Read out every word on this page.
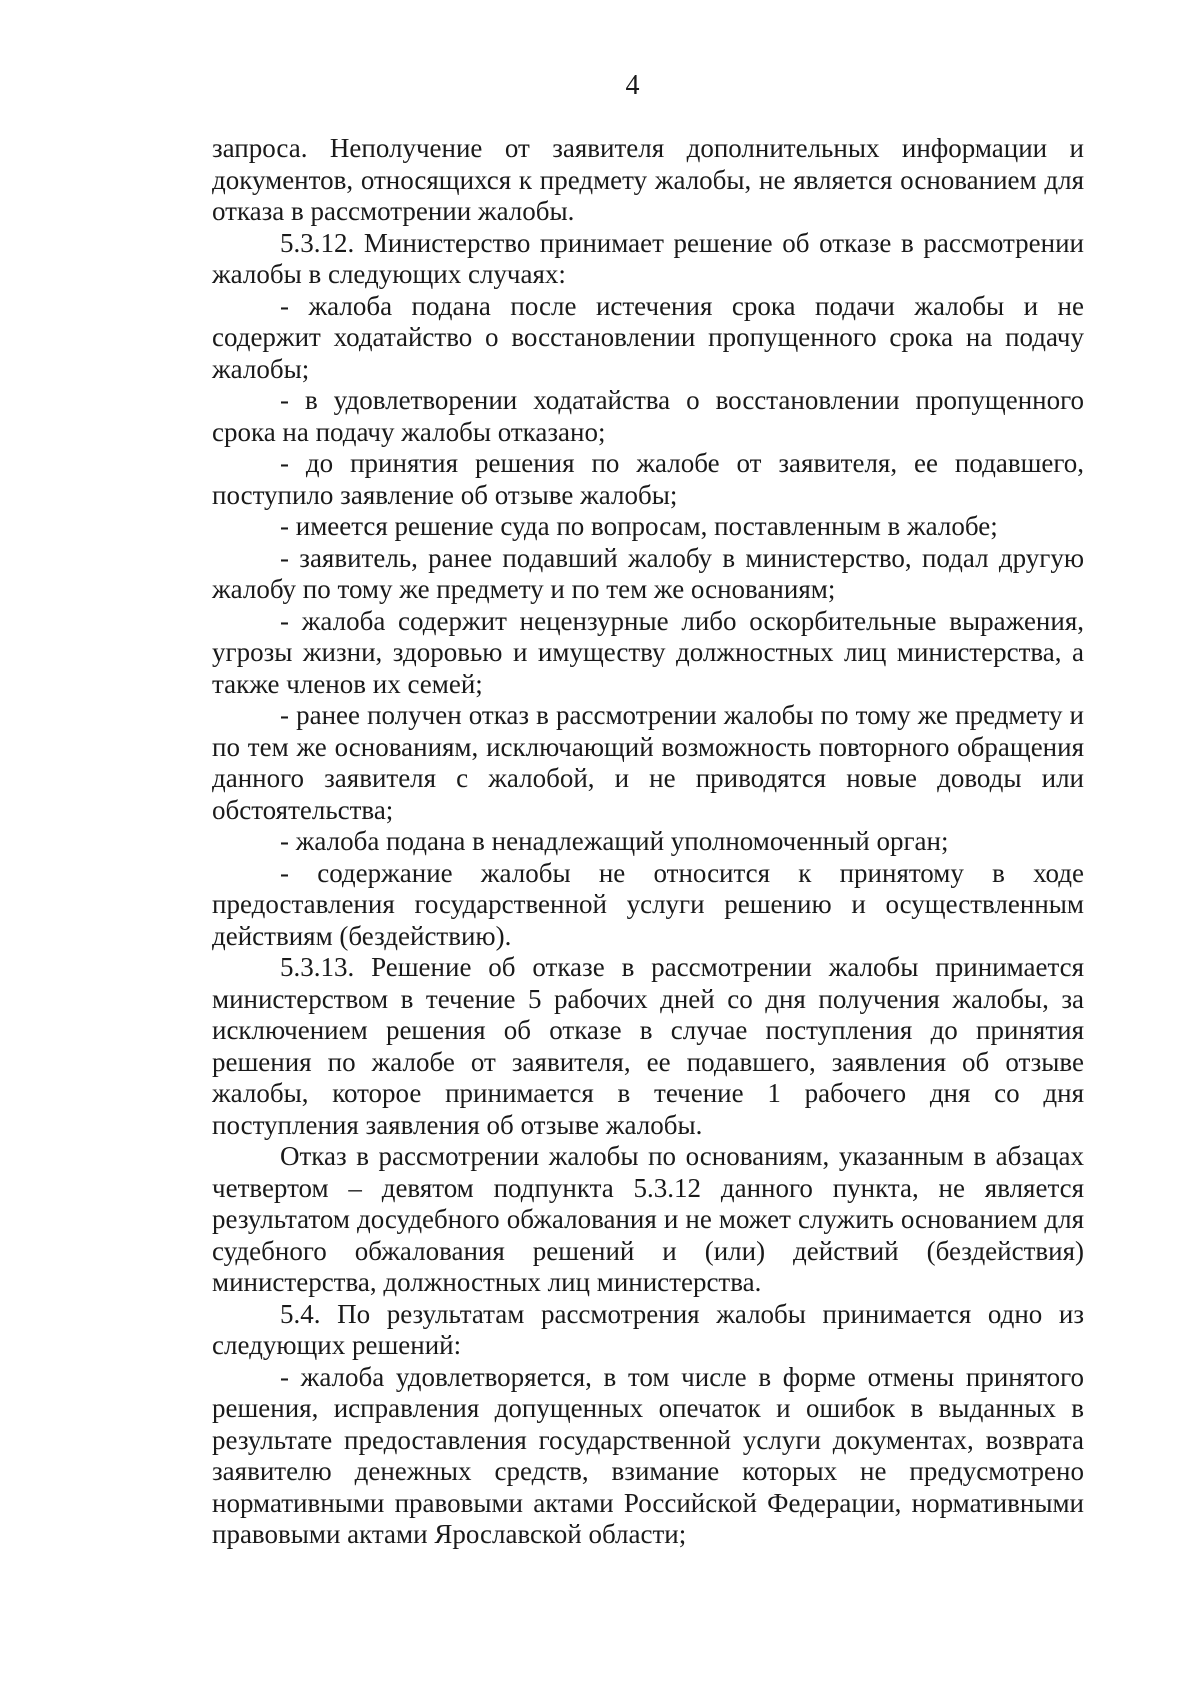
4

запроса. Неполучение от заявителя дополнительных информации и документов, относящихся к предмету жалобы, не является основанием для отказа в рассмотрении жалобы.

5.3.12. Министерство принимает решение об отказе в рассмотрении жалобы в следующих случаях:

- жалоба подана после истечения срока подачи жалобы и не содержит ходатайство о восстановлении пропущенного срока на подачу жалобы;

- в удовлетворении ходатайства о восстановлении пропущенного срока на подачу жалобы отказано;

- до принятия решения по жалобе от заявителя, ее подавшего, поступило заявление об отзыве жалобы;

- имеется решение суда по вопросам, поставленным в жалобе;

- заявитель, ранее подавший жалобу в министерство, подал другую жалобу по тому же предмету и по тем же основаниям;

- жалоба содержит нецензурные либо оскорбительные выражения, угрозы жизни, здоровью и имуществу должностных лиц министерства, а также членов их семей;

- ранее получен отказ в рассмотрении жалобы по тому же предмету и по тем же основаниям, исключающий возможность повторного обращения данного заявителя с жалобой, и не приводятся новые доводы или обстоятельства;

- жалоба подана в ненадлежащий уполномоченный орган;

- содержание жалобы не относится к принятому в ходе предоставления государственной услуги решению и осуществленным действиям (бездействию).

5.3.13. Решение об отказе в рассмотрении жалобы принимается министерством в течение 5 рабочих дней со дня получения жалобы, за исключением решения об отказе в случае поступления до принятия решения по жалобе от заявителя, ее подавшего, заявления об отзыве жалобы, которое принимается в течение 1 рабочего дня со дня поступления заявления об отзыве жалобы.

Отказ в рассмотрении жалобы по основаниям, указанным в абзацах четвертом – девятом подпункта 5.3.12 данного пункта, не является результатом досудебного обжалования и не может служить основанием для судебного обжалования решений и (или) действий (бездействия) министерства, должностных лиц министерства.

5.4. По результатам рассмотрения жалобы принимается одно из следующих решений:

- жалоба удовлетворяется, в том числе в форме отмены принятого решения, исправления допущенных опечаток и ошибок в выданных в результате предоставления государственной услуги документах, возврата заявителю денежных средств, взимание которых не предусмотрено нормативными правовыми актами Российской Федерации, нормативными правовыми актами Ярославской области;
